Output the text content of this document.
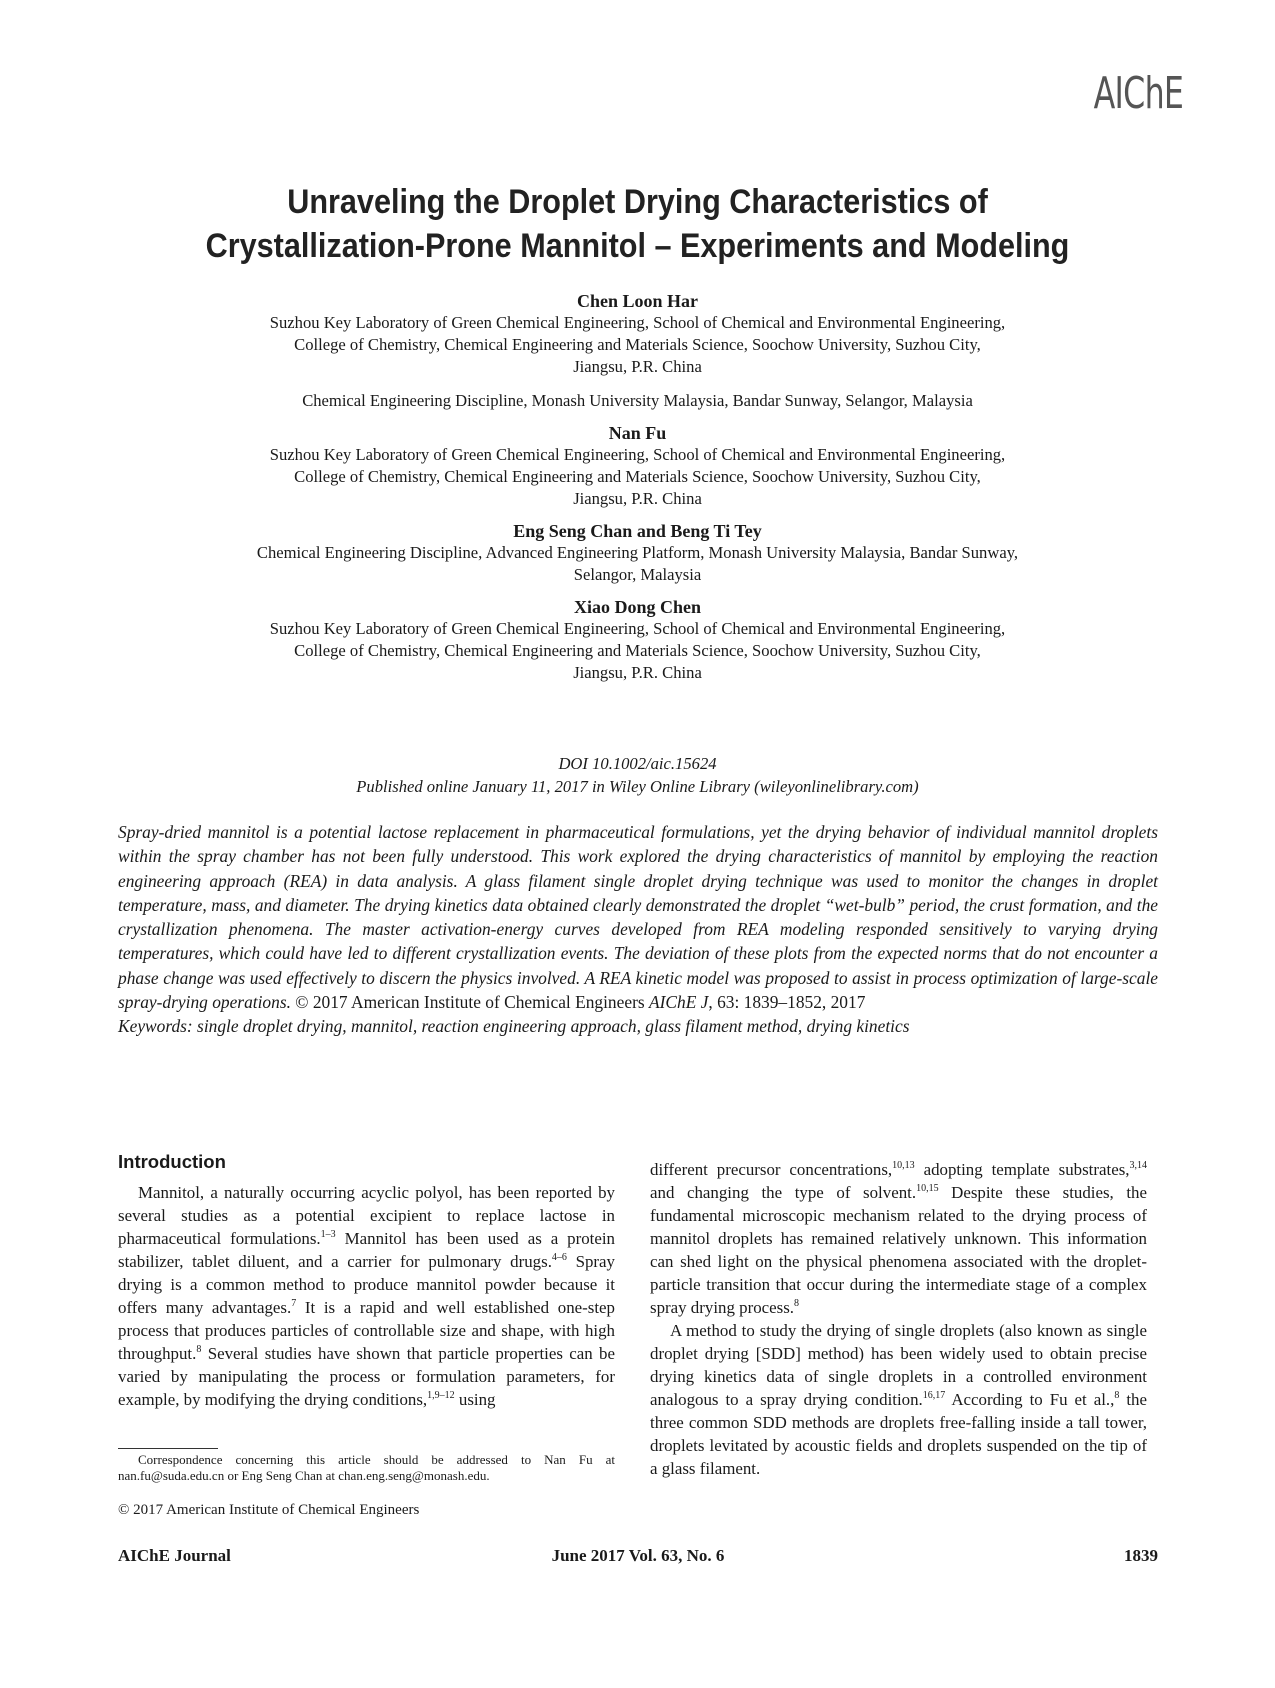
AIChE
Unraveling the Droplet Drying Characteristics of
Crystallization-Prone Mannitol – Experiments and Modeling
Chen Loon Har
Suzhou Key Laboratory of Green Chemical Engineering, School of Chemical and Environmental Engineering,
College of Chemistry, Chemical Engineering and Materials Science, Soochow University, Suzhou City,
Jiangsu, P.R. China
Chemical Engineering Discipline, Monash University Malaysia, Bandar Sunway, Selangor, Malaysia
Nan Fu
Suzhou Key Laboratory of Green Chemical Engineering, School of Chemical and Environmental Engineering,
College of Chemistry, Chemical Engineering and Materials Science, Soochow University, Suzhou City,
Jiangsu, P.R. China
Eng Seng Chan and Beng Ti Tey
Chemical Engineering Discipline, Advanced Engineering Platform, Monash University Malaysia, Bandar Sunway,
Selangor, Malaysia
Xiao Dong Chen
Suzhou Key Laboratory of Green Chemical Engineering, School of Chemical and Environmental Engineering,
College of Chemistry, Chemical Engineering and Materials Science, Soochow University, Suzhou City,
Jiangsu, P.R. China
DOI 10.1002/aic.15624
Published online January 11, 2017 in Wiley Online Library (wileyonlinelibrary.com)

Spray-dried mannitol is a potential lactose replacement in pharmaceutical formulations, yet the drying behavior of individual mannitol droplets within the spray chamber has not been fully understood. This work explored the drying characteristics of mannitol by employing the reaction engineering approach (REA) in data analysis. A glass filament single droplet drying technique was used to monitor the changes in droplet temperature, mass, and diameter. The drying kinetics data obtained clearly demonstrated the droplet “wet-bulb” period, the crust formation, and the crystallization phenomena. The master activation-energy curves developed from REA modeling responded sensitively to varying drying temperatures, which could have led to different crystallization events. The deviation of these plots from the expected norms that do not encounter a phase change was used effectively to discern the physics involved. A REA kinetic model was proposed to assist in process optimization of large-scale spray-drying operations. © 2017 American Institute of Chemical Engineers AIChE J, 63: 1839–1852, 2017

Keywords: single droplet drying, mannitol, reaction engineering approach, glass filament method, drying kinetics

Introduction

Mannitol, a naturally occurring acyclic polyol, has been reported by several studies as a potential excipient to replace lactose in pharmaceutical formulations.$^{1-3}$ Mannitol has been used as a protein stabilizer, tablet diluent, and a carrier for pulmonary drugs.$^{4-6}$ Spray drying is a common method to produce mannitol powder because it offers many advantages.$^7$ It is a rapid and well established one-step process that produces particles of controllable size and shape, with high throughput.$^8$ Several studies have shown that particle properties can be varied by manipulating the process or formulation parameters, for example, by modifying the drying conditions,$^{1,9-12}$ using

Correspondence concerning this article should be addressed to Nan Fu at nan.fu@suda.edu.cn or Eng Seng Chan at chan.eng.seng@monash.edu.

© 2017 American Institute of Chemical Engineers

different precursor concentrations,$^{10,13}$ adopting template substrates,$^{3,14}$ and changing the type of solvent.$^{10,15}$ Despite these studies, the fundamental microscopic mechanism related to the drying process of mannitol droplets has remained relatively unknown. This information can shed light on the physical phenomena associated with the droplet-particle transition that occur during the intermediate stage of a complex spray drying process.$^8$

A method to study the drying of single droplets (also known as single droplet drying [SDD] method) has been widely used to obtain precise drying kinetics data of single droplets in a controlled environment analogous to a spray drying condition.$^{16,17}$ According to Fu et al.,$^8$ the three common SDD methods are droplets free-falling inside a tall tower, droplets levitated by acoustic fields and droplets suspended on the tip of a glass filament.

AIChE Journal	June 2017 Vol. 63, No. 6	1839
